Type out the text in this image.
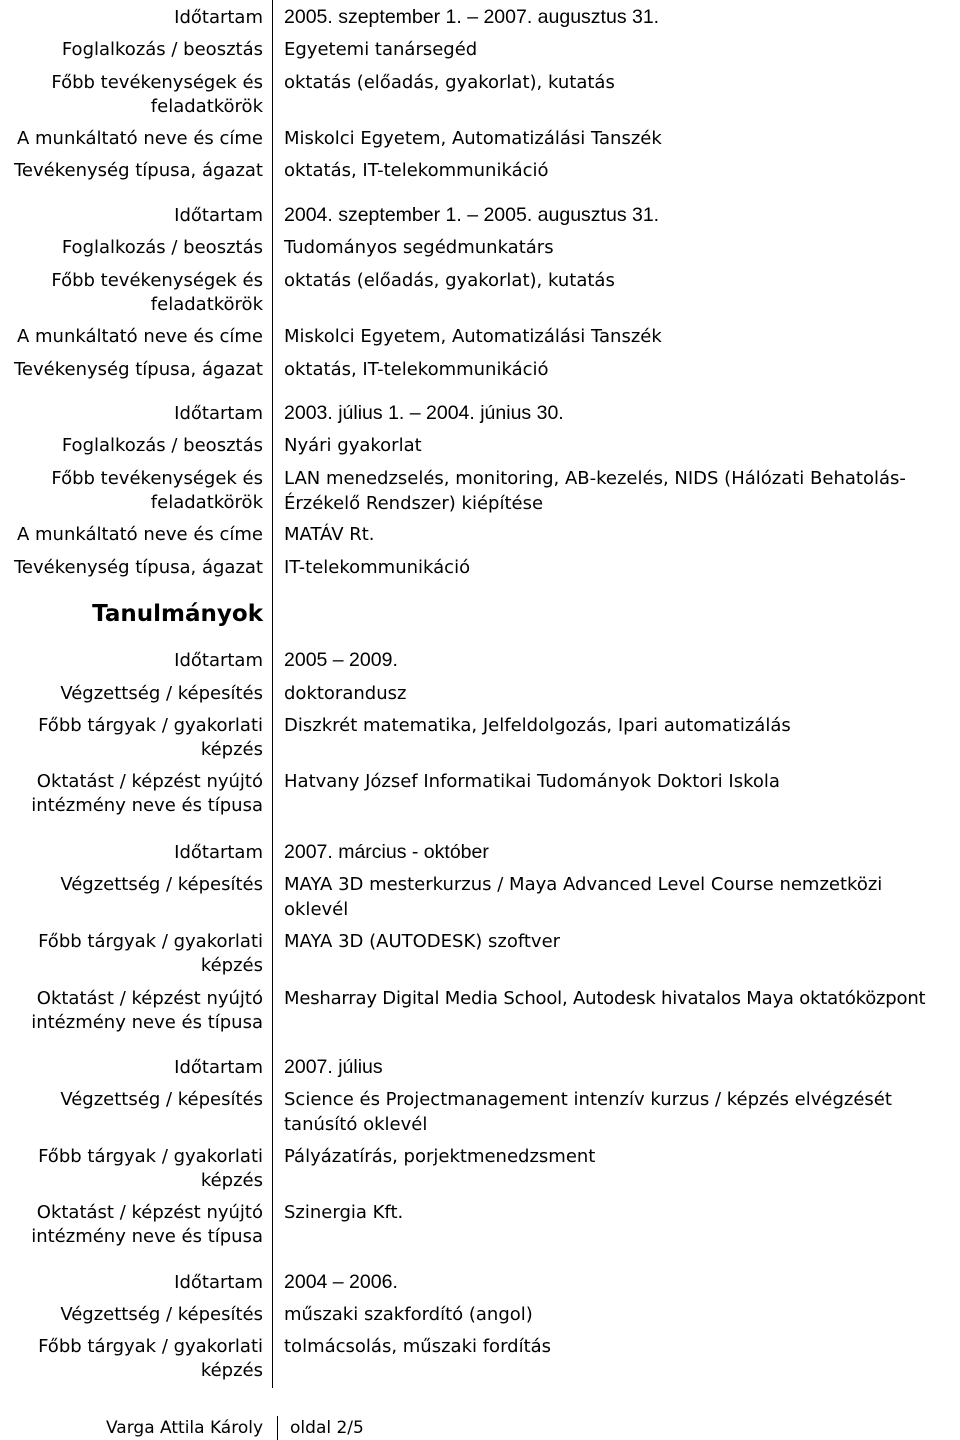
Időtartam 2005. szeptember 1. – 2007. augusztus 31.
Foglalkozás / beosztás Egyetemi tanársegéd
Főbb tevékenységek és
feladatkörök
oktatás (előadás, gyakorlat), kutatás
A munkáltató neve és címe Miskolci Egyetem, Automatizálási Tanszék
Tevékenység típusa, ágazat oktatás, IT-telekommunikáció
Időtartam 2004. szeptember 1. – 2005. augusztus 31.
Foglalkozás / beosztás Tudományos segédmunkatárs
Főbb tevékenységek és
feladatkörök
oktatás (előadás, gyakorlat), kutatás
A munkáltató neve és címe Miskolci Egyetem, Automatizálási Tanszék
Tevékenység típusa, ágazat oktatás, IT-telekommunikáció
Időtartam 2003. július 1. – 2004. június 30.
Foglalkozás / beosztás Nyári gyakorlat
Főbb tevékenységek és
feladatkörök
LAN menedzselés, monitoring, AB-kezelés, NIDS (Hálózati Behatolás-Érzékelő Rendszer) kiépítése
A munkáltató neve és címe MATÁV Rt.
Tevékenység típusa, ágazat IT-telekommunikáció
Tanulmányok
Időtartam 2005 – 2009.
Végzettség / képesítés doktorandusz
Főbb tárgyak / gyakorlati
képzés
Diszkrét matematika, Jelfeldolgozás, Ipari automatizálás
Oktatást / képzést nyújtó
intézmény neve és típusa
Hatvany József Informatikai Tudományok Doktori Iskola
Időtartam 2007. március - október
Végzettség / képesítés MAYA 3D mesterkurzus / Maya Advanced Level Course nemzetközi oklevél
Főbb tárgyak / gyakorlati
képzés
MAYA 3D (AUTODESK) szoftver
Oktatást / képzést nyújtó
intézmény neve és típusa
Mesharray Digital Media School, Autodesk hivatalos Maya oktatóközpont
Időtartam 2007. július
Végzettség / képesítés Science és Projectmanagement intenzív kurzus / képzés elvégzését tanúsító oklevél
Főbb tárgyak / gyakorlati
képzés
Pályázatírás, porjektmenedzsment
Oktatást / képzést nyújtó
intézmény neve és típusa
Szinergia Kft.
Időtartam 2004 – 2006.
Végzettség / képesítés műszaki szakfordító (angol)
Főbb tárgyak / gyakorlati
képzés
tolmácsolás, műszaki fordítás
Varga Attila Károly oldal 2/5
